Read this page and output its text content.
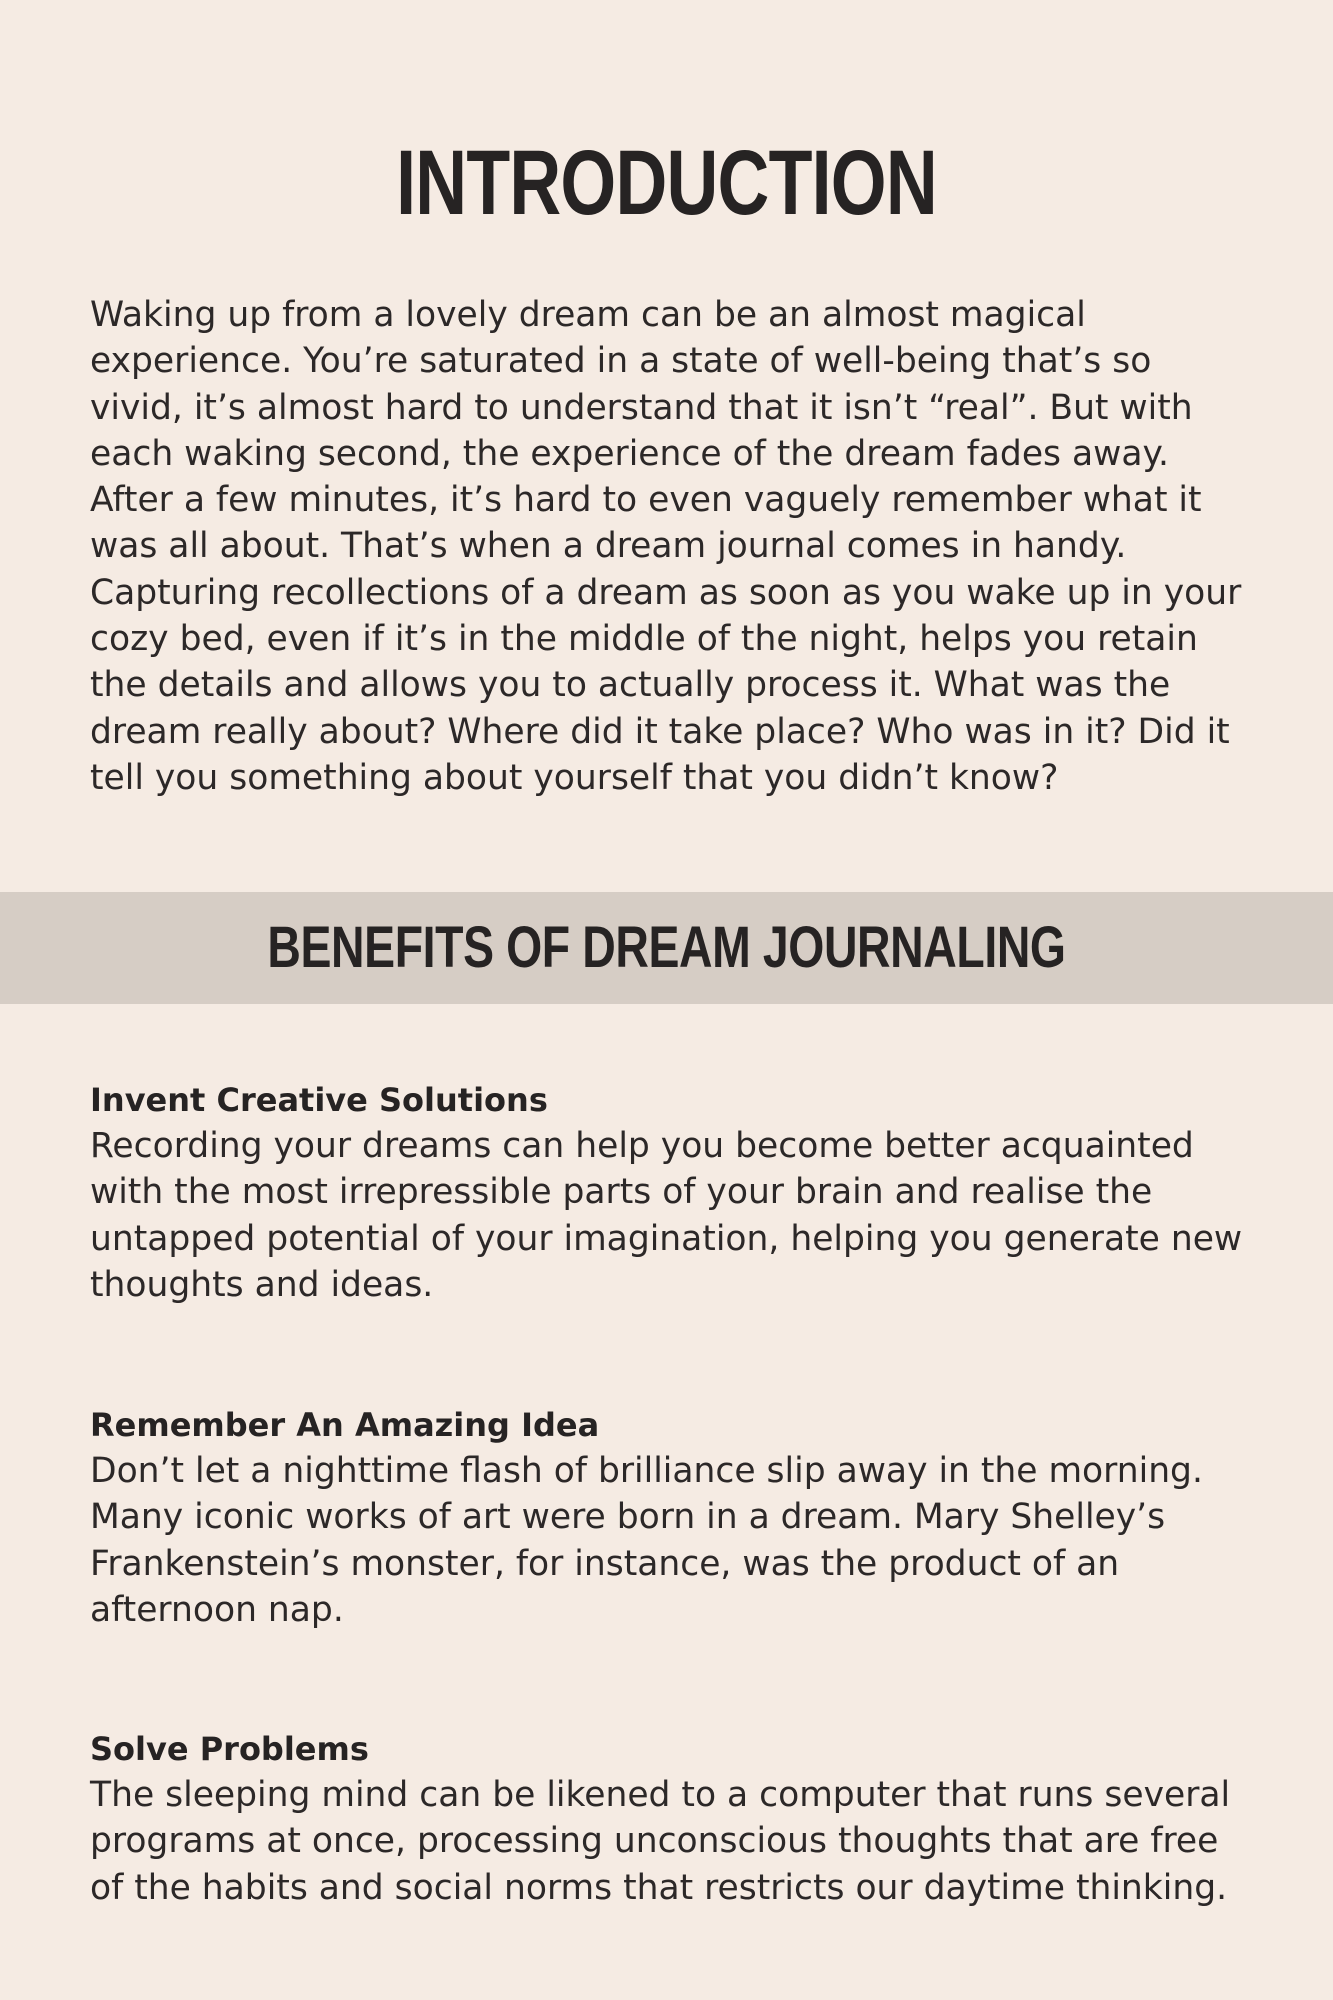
INTRODUCTION

Waking up from a lovely dream can be an almost magical experience. You’re saturated in a state of well-being that’s so vivid, it’s almost hard to understand that it isn’t “real”. But with each waking second, the experience of the dream fades away. After a few minutes, it’s hard to even vaguely remember what it was all about. That’s when a dream journal comes in handy. Capturing recollections of a dream as soon as you wake up in your cozy bed, even if it’s in the middle of the night, helps you retain the details and allows you to actually process it. What was the dream really about? Where did it take place? Who was in it? Did it tell you something about yourself that you didn’t know?

BENEFITS OF DREAM JOURNALING
Invent Creative Solutions

Recording your dreams can help you become better acquainted with the most irrepressible parts of your brain and realise the untapped potential of your imagination, helping you generate new thoughts and ideas.

Remember An Amazing Idea

Don’t let a nighttime flash of brilliance slip away in the morning. Many iconic works of art were born in a dream. Mary Shelley’s Frankenstein’s monster, for instance, was the product of an afternoon nap.

Solve Problems

The sleeping mind can be likened to a computer that runs several programs at once, processing unconscious thoughts that are free of the habits and social norms that restricts our daytime thinking.
